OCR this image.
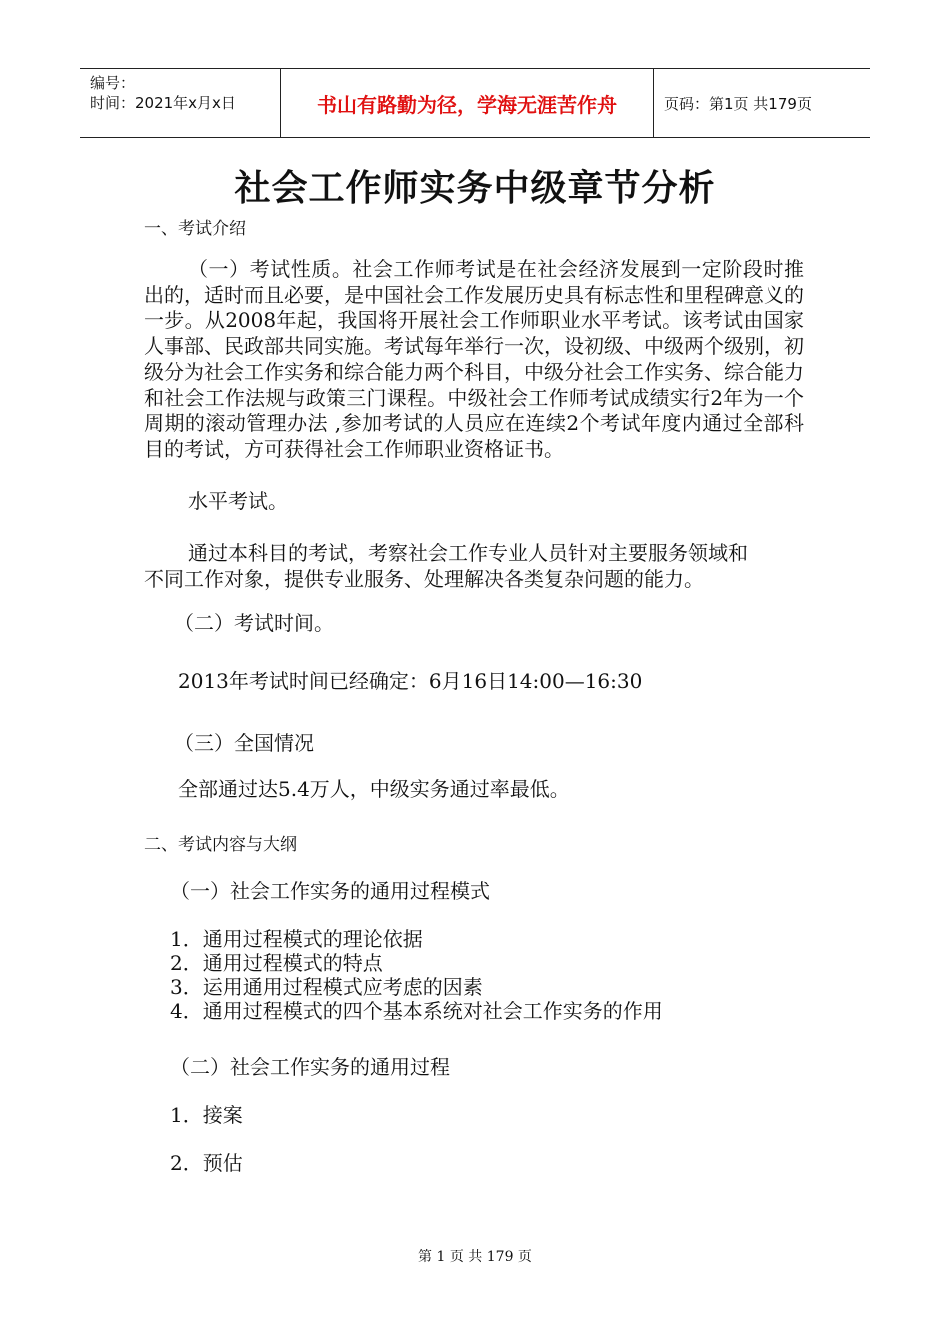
编号：
时间：2021年x月x日	书山有路勤为径，学海无涯苦作舟	页码：第1页 共179页
社会工作师实务中级章节分析
一、考试介绍
（一）考试性质。社会工作师考试是在社会经济发展到一定阶段时推出的，适时而且必要，是中国社会工作发展历史具有标志性和里程碑意义的一步。从2008年起，我国将开展社会工作师职业水平考试。该考试由国家人事部、民政部共同实施。考试每年举行一次，设初级、中级两个级别，初级分为社会工作实务和综合能力两个科目，中级分社会工作实务、综合能力和社会工作法规与政策三门课程。中级社会工作师考试成绩实行2年为一个周期的滚动管理办法 ,参加考试的人员应在连续2个考试年度内通过全部科目的考试，方可获得社会工作师职业资格证书。
水平考试。
通过本科目的考试，考察社会工作专业人员针对主要服务领域和
不同工作对象，提供专业服务、处理解决各类复杂问题的能力。
（二）考试时间。
2013年考试时间已经确定：6月16日14:00—16:30
（三）全国情况
全部通过达5.4万人，中级实务通过率最低。
二、考试内容与大纲
（一）社会工作实务的通用过程模式
1．通用过程模式的理论依据
2．通用过程模式的特点
3．运用通用过程模式应考虑的因素
4．通用过程模式的四个基本系统对社会工作实务的作用
（二）社会工作实务的通用过程
1．接案
2．预估
第 1 页 共 179 页
